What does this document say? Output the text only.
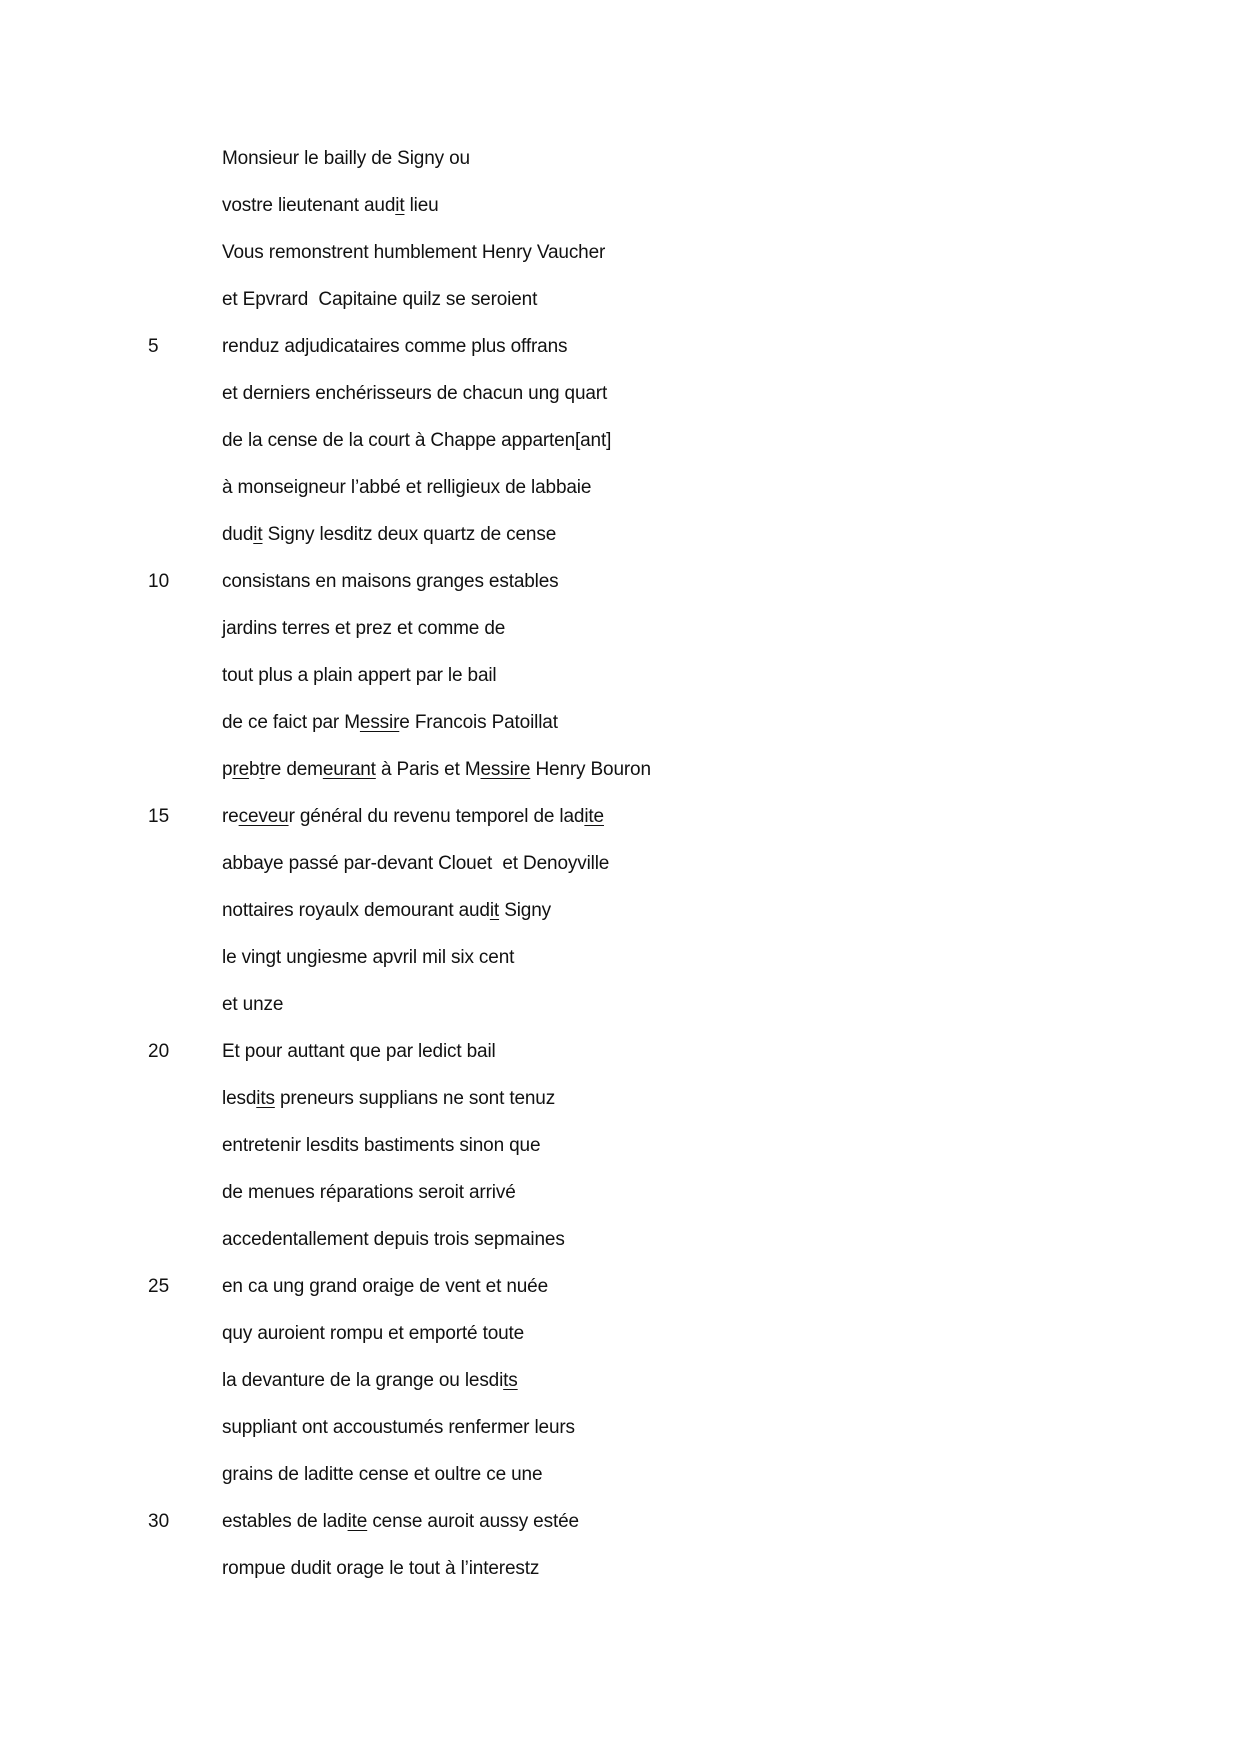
Monsieur le bailly de Signy ou
vostre lieutenant audit lieu
Vous remonstrent humblement Henry Vaucher
et Epvrard  Capitaine quilz se seroient
5	renduz adjudicataires comme plus offrans
et derniers enchérisseurs de chacun ung quart
de la cense de la court à Chappe apparten[ant]
à monseigneur l’abbé et relligieux de labbaie
dudit Signy lesditz deux quartz de cense
10	consistans en maisons granges estables
jardins terres et prez et comme de
tout plus a plain appert par le bail
de ce faict par Messire Francois Patoillat
prebtre demeurant à Paris et Messire Henry Bouron
15	receveur général du revenu temporel de ladite
abbaye passé par-devant Clouet  et Denoyville
nottaires royaulx demourant audit Signy
le vingt ungiesme apvril mil six cent
et unze
20	Et pour auttant que par ledict bail
lesdits preneurs supplians ne sont tenuz
entretenir lesdits bastiments sinon que
de menues réparations seroit arrivé
accedentallement depuis trois sepmaines
25	en ca ung grand oraige de vent et nuée
quy auroient rompu et emporté toute
la devanture de la grange ou lesdits
suppliant ont accoustumés renfermer leurs
grains de laditte cense et oultre ce une
30	estables de ladite cense auroit aussy estée
rompue dudit orage le tout à l’interestz
